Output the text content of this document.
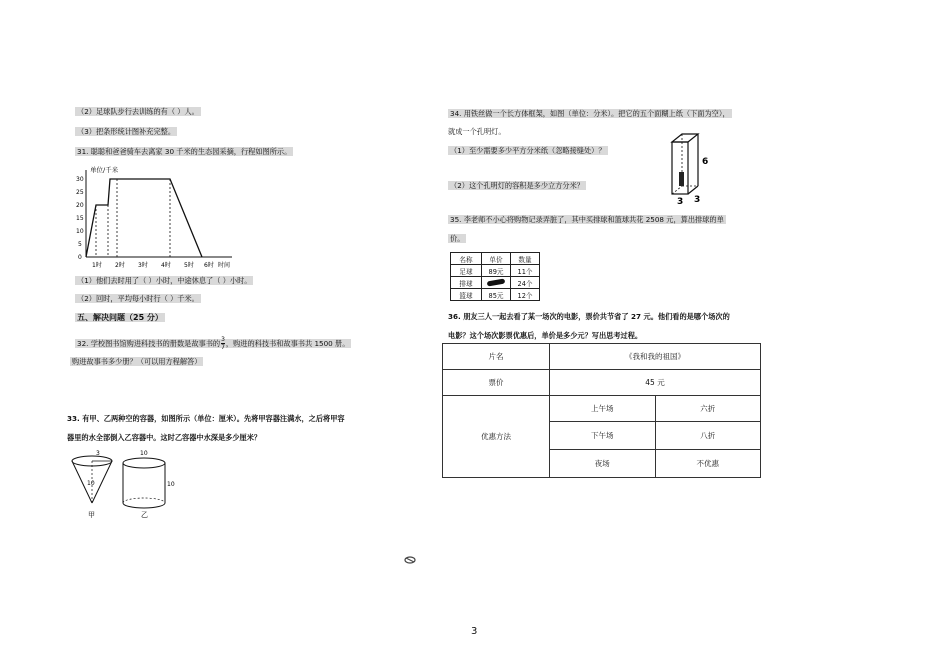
（2）足球队步行去训练的有（ ）人。
（3）把条形统计图补充完整。
31. 聪聪和爸爸骑车去离家 30 千米的生态园采摘，行程如图所示。
单位/千米
30
25
20
15
10
5
0
1时 2时 3时 4时 5时 6时 时间
（1）他们去时用了（ ）小时，中途休息了（ ）小时。
（2）回时，平均每小时行（ ）千米。
五、解决问题（25 分）
32. 学校图书馆购进科技书的册数是故事书的 $\frac{3}{7}$ ，购进的科技书和故事书共 1500 册。
购进故事书多少册？（可以用方程解答）
33. 有甲、乙两种空的容器，如图所示（单位：厘米）。先将甲容器注满水，之后将甲容
器里的水全部倒入乙容器中。这时乙容器中水深是多少厘米？
3
10
甲
10
10
乙
34. 用铁丝做一个长方体框架，如图（单位：分米）。把它的五个面糊上纸（下面为空），
就成一个孔明灯。
（1）至少需要多少平方分米纸（忽略接缝处）？
（2）这个孔明灯的容积是多少立方分米？
6
3
3
35. 李老师不小心将购物记录弄脏了，其中买排球和篮球共花 2508 元，算出排球的单
价。
名称	单价	数量
足球	89元	11个
排球		24个
篮球	85元	12个
36. 朋友三人一起去看了某一场次的电影，票价共节省了 27 元。他们看的是哪个场次的
电影？这个场次影票优惠后，单价是多少元？写出思考过程。
片名	《我和我的祖国》	
票价	45 元	
优惠方法	上午场	六折
	下午场	八折
	夜场	不优惠
3
